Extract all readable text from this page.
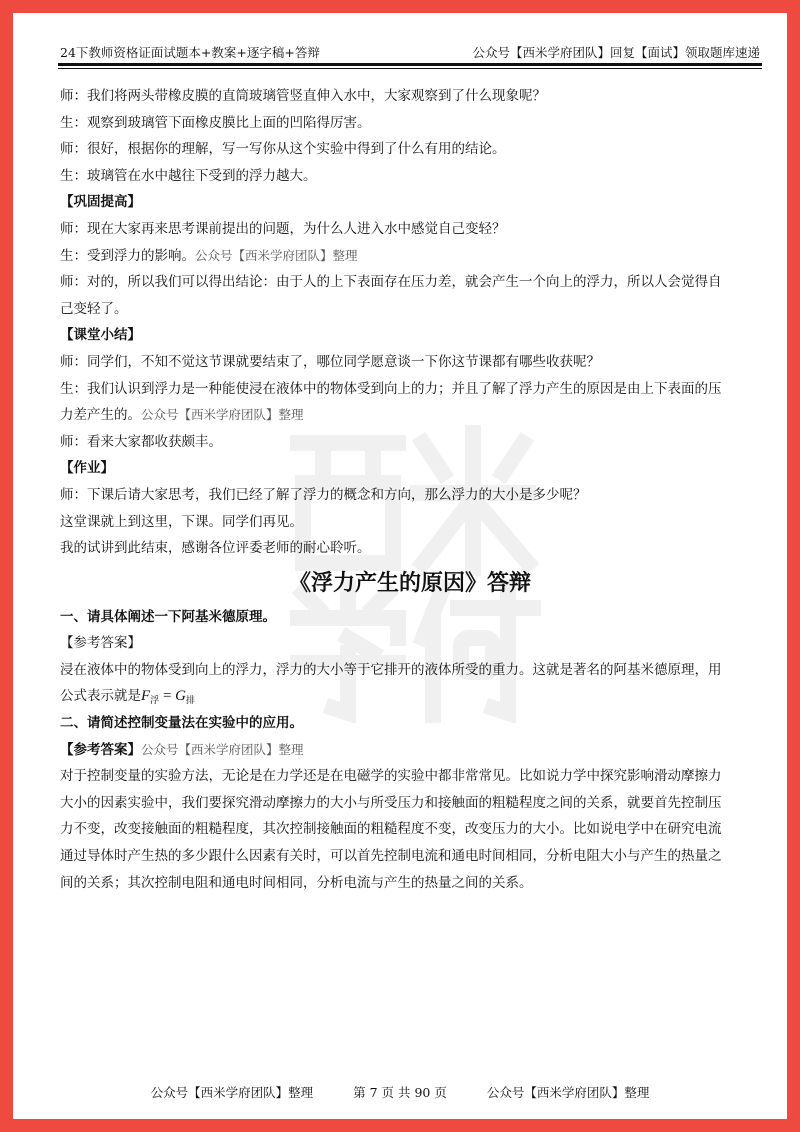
24下教师资格证面试题本+教案+逐字稿+答辩	公众号【西米学府团队】回复【面试】领取题库速递
师：我们将两头带橡皮膜的直筒玻璃管竖直伸入水中，大家观察到了什么现象呢？
生：观察到玻璃管下面橡皮膜比上面的凹陷得厉害。
师：很好，根据你的理解，写一写你从这个实验中得到了什么有用的结论。
生：玻璃管在水中越往下受到的浮力越大。
【巩固提高】
师：现在大家再来思考课前提出的问题，为什么人进入水中感觉自己变轻？
生：受到浮力的影响。公众号【西米学府团队】整理
师：对的，所以我们可以得出结论：由于人的上下表面存在压力差，就会产生一个向上的浮力，所以人会觉得自
己变轻了。
【课堂小结】
师：同学们，不知不觉这节课就要结束了，哪位同学愿意谈一下你这节课都有哪些收获呢？
生：我们认识到浮力是一种能使浸在液体中的物体受到向上的力；并且了解了浮力产生的原因是由上下表面的压
力差产生的。公众号【西米学府团队】整理
师：看来大家都收获颇丰。
【作业】
师：下课后请大家思考，我们已经了解了浮力的概念和方向，那么浮力的大小是多少呢？
这堂课就上到这里，下课。同学们再见。
我的试讲到此结束，感谢各位评委老师的耐心聆听。
《浮力产生的原因》答辩
一、请具体阐述一下阿基米德原理。
【参考答案】
浸在液体中的物体受到向上的浮力，浮力的大小等于它排开的液体所受的重力。这就是著名的阿基米德原理，用
公式表示就是$F_浮 = G_排$
二、请简述控制变量法在实验中的应用。
【参考答案】公众号【西米学府团队】整理
对于控制变量的实验方法，无论是在力学还是在电磁学的实验中都非常常见。比如说力学中探究影响滑动摩擦力
大小的因素实验中，我们要探究滑动摩擦力的大小与所受压力和接触面的粗糙程度之间的关系，就要首先控制压
力不变，改变接触面的粗糙程度，其次控制接触面的粗糙程度不变，改变压力的大小。比如说电学中在研究电流
通过导体时产生热的多少跟什么因素有关时，可以首先控制电流和通电时间相同，分析电阻大小与产生的热量之
间的关系；其次控制电阻和通电时间相同，分析电流与产生的热量之间的关系。
公众号【西米学府团队】整理	第 7 页 共 90 页	公众号【西米学府团队】整理
